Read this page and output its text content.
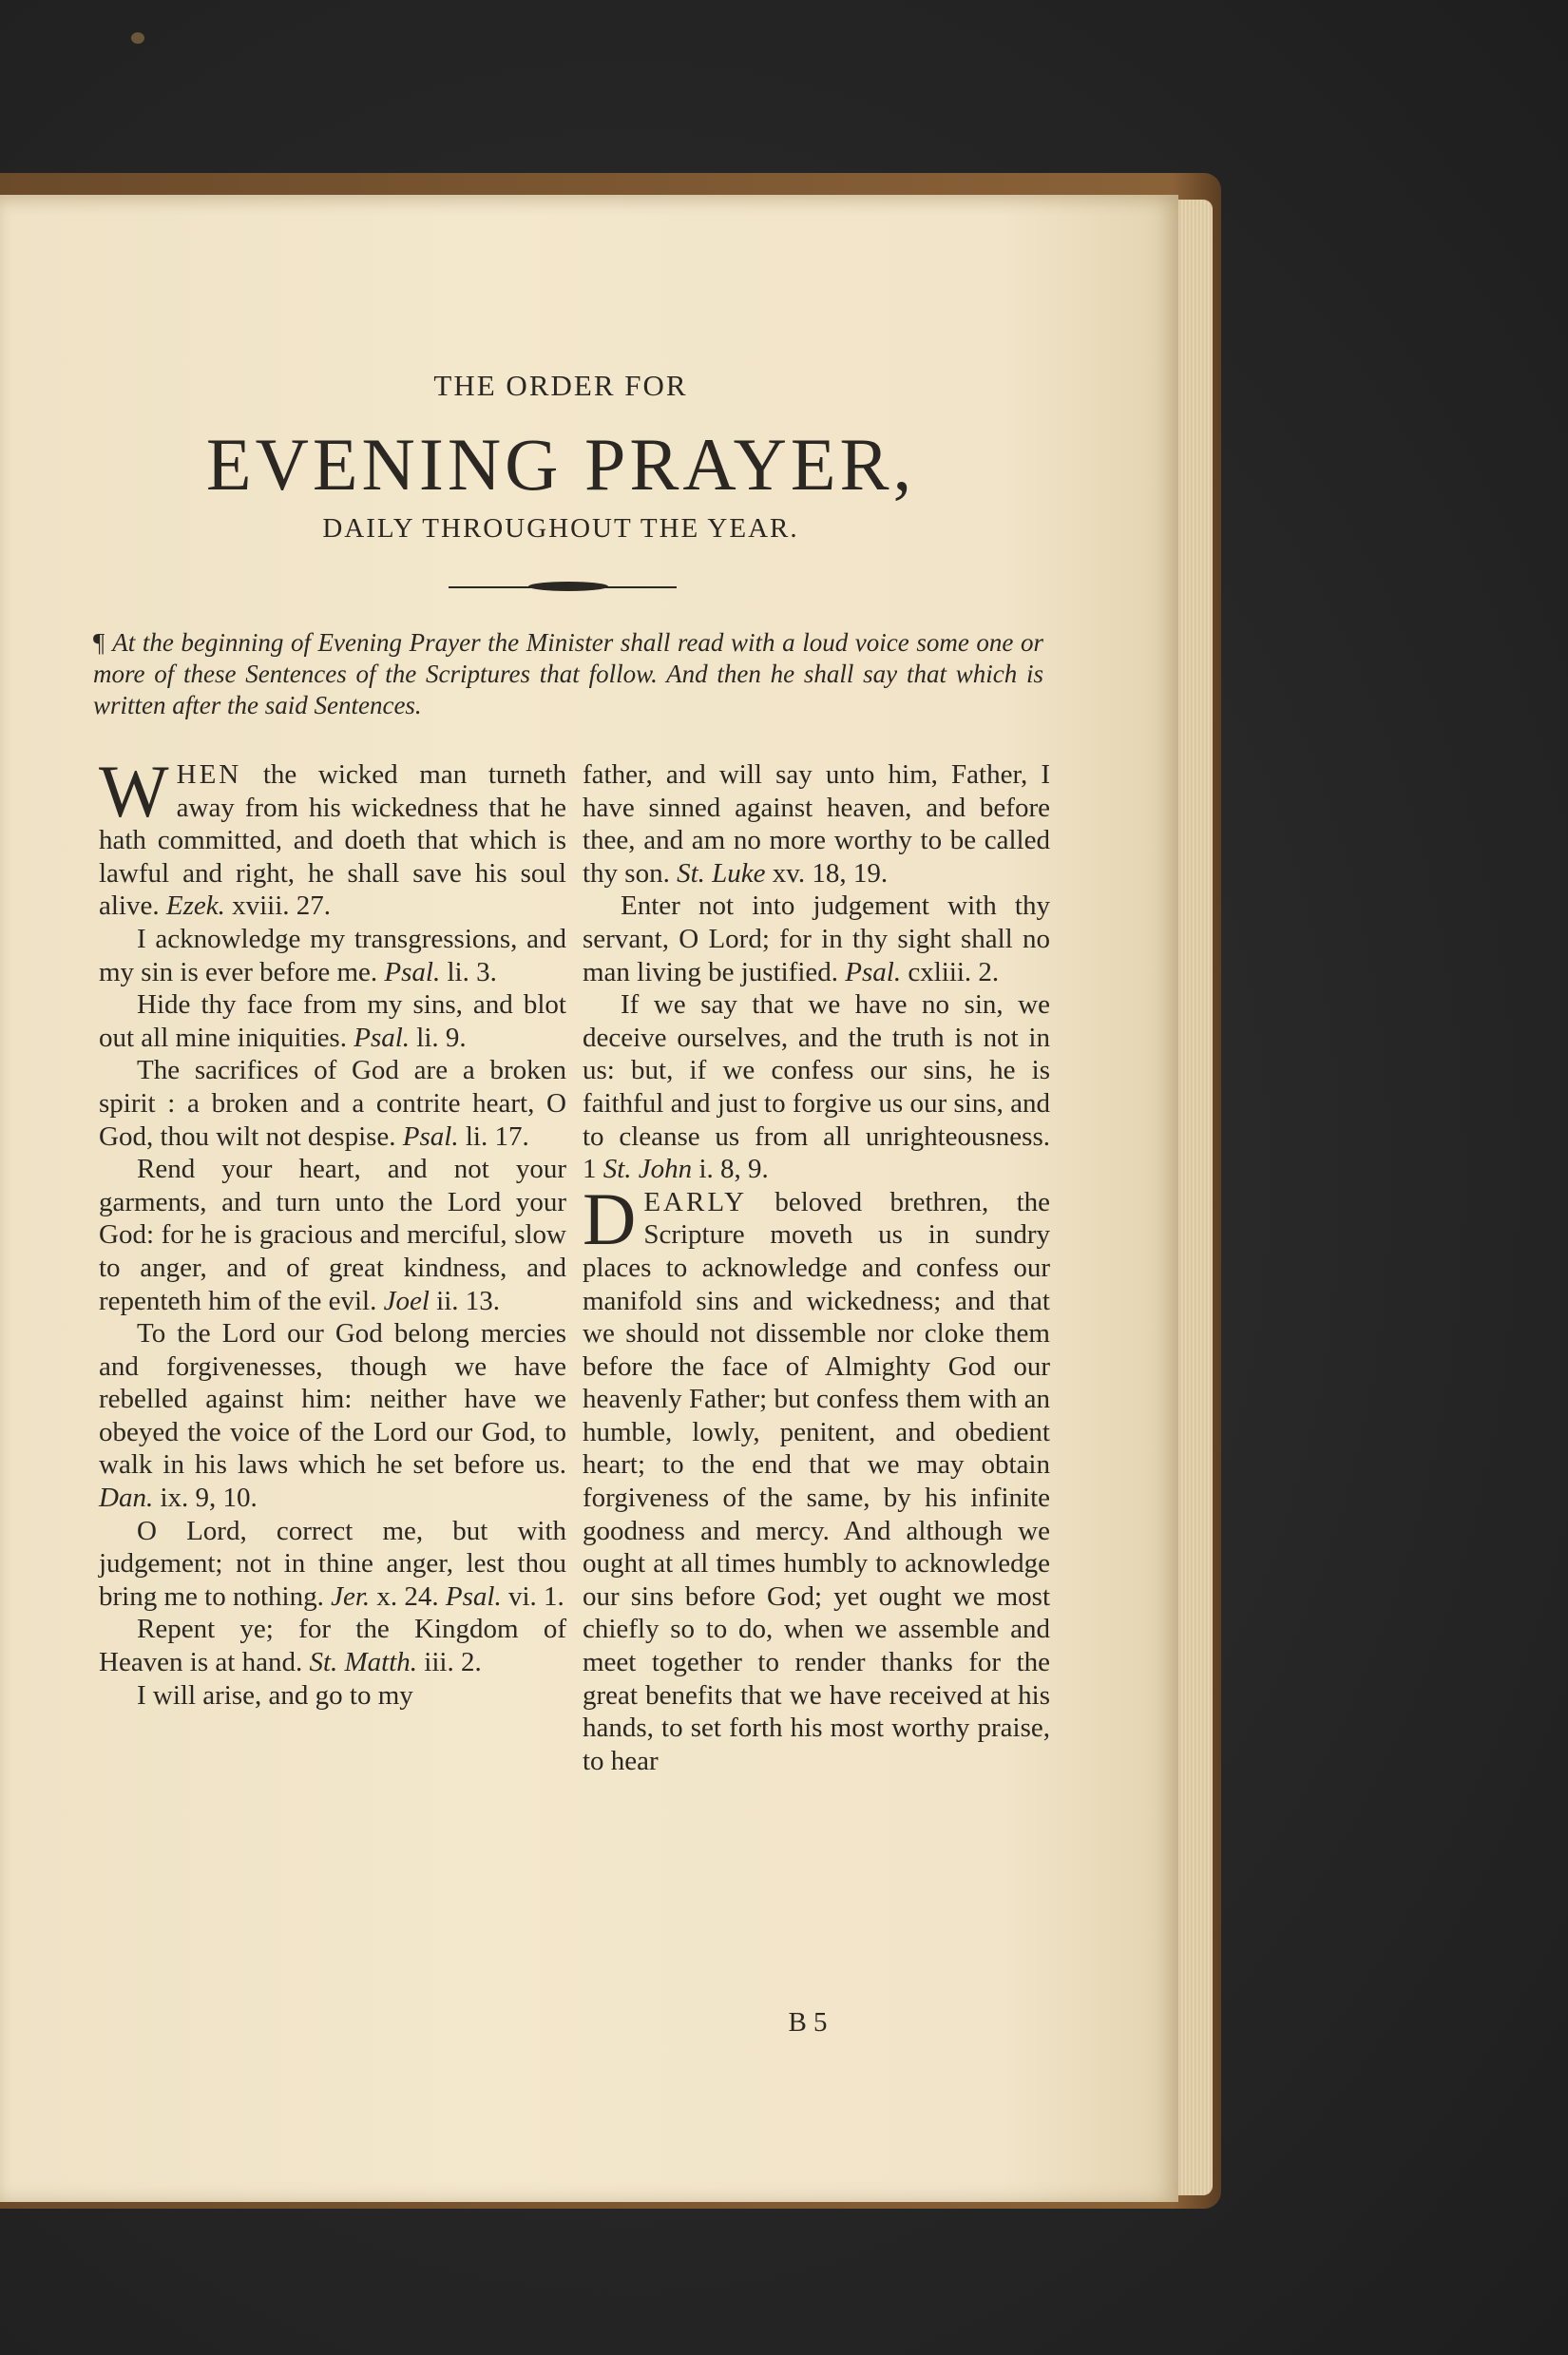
THE ORDER FOR
EVENING PRAYER,
DAILY THROUGHOUT THE YEAR.
¶ At the beginning of Evening Prayer the Minister shall read with a loud voice some one or more of these Sentences of the Scriptures that follow. And then he shall say that which is written after the said Sentences.

WHEN the wicked man turneth away from his wickedness that he hath committed, and doeth that which is lawful and right, he shall save his soul alive. Ezek. xviii. 27.

I acknowledge my transgressions, and my sin is ever before me. Psal. li. 3.

Hide thy face from my sins, and blot out all mine iniquities. Psal. li. 9.

The sacrifices of God are a broken spirit : a broken and a contrite heart, O God, thou wilt not despise. Psal. li. 17.

Rend your heart, and not your garments, and turn unto the Lord your God: for he is gracious and merciful, slow to anger, and of great kindness, and repenteth him of the evil. Joel ii. 13.

To the Lord our God belong mercies and forgivenesses, though we have rebelled against him: neither have we obeyed the voice of the Lord our God, to walk in his laws which he set before us. Dan. ix. 9, 10.

O Lord, correct me, but with judgement; not in thine anger, lest thou bring me to nothing. Jer. x. 24. Psal. vi. 1.

Repent ye; for the Kingdom of Heaven is at hand. St. Matth. iii. 2.

I will arise, and go to my

father, and will say unto him, Father, I have sinned against heaven, and before thee, and am no more worthy to be called thy son. St. Luke xv. 18, 19.

Enter not into judgement with thy servant, O Lord; for in thy sight shall no man living be justified. Psal. cxliii. 2.

If we say that we have no sin, we deceive ourselves, and the truth is not in us: but, if we confess our sins, he is faithful and just to forgive us our sins, and to cleanse us from all unrighteousness. 1 St. John i. 8, 9.

DEARLY beloved brethren, the Scripture moveth us in sundry places to acknowledge and confess our manifold sins and wickedness; and that we should not dissemble nor cloke them before the face of Almighty God our heavenly Father; but confess them with an humble, lowly, penitent, and obedient heart; to the end that we may obtain forgiveness of the same, by his infinite goodness and mercy. And although we ought at all times humbly to acknowledge our sins before God; yet ought we most chiefly so to do, when we assemble and meet together to render thanks for the great benefits that we have received at his hands, to set forth his most worthy praise, to hear

B 5
